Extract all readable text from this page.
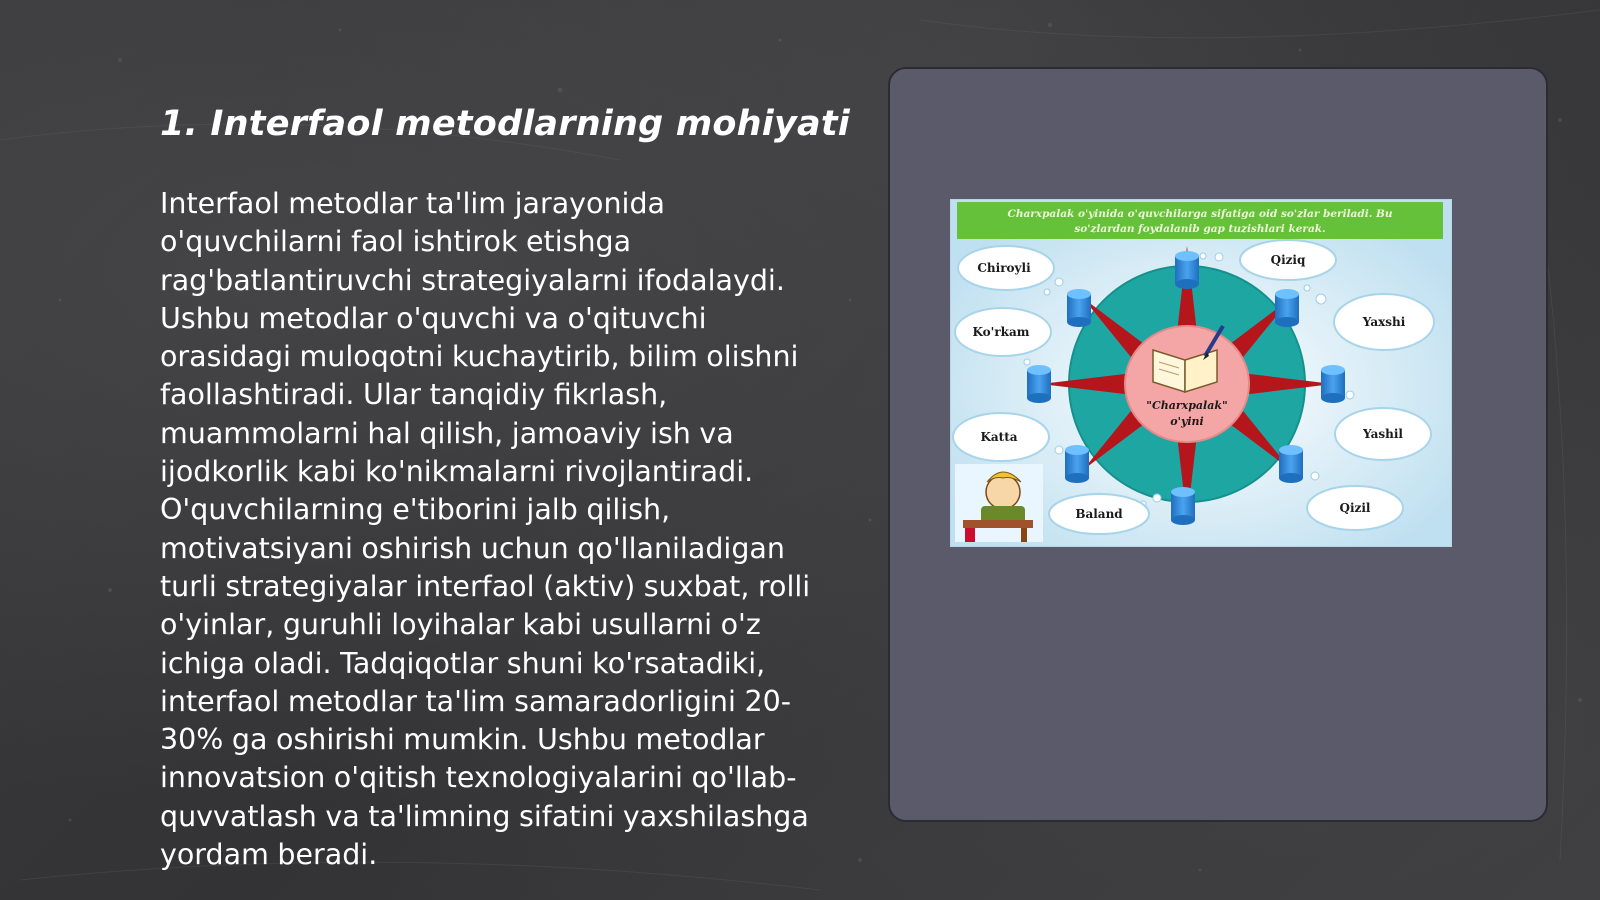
1. Interfaol metodlarning mohiyati

Interfaol metodlar ta'lim jarayonida o'quvchilarni faol ishtirok etishga rag'batlantiruvchi strategiyalarni ifodalaydi. Ushbu metodlar o'quvchi va o'qituvchi orasidagi muloqotni kuchaytirib, bilim olishni faollashtiradi. Ular tanqidiy fikrlash, muammolarni hal qilish, jamoaviy ish va ijodkorlik kabi ko'nikmalarni rivojlantiradi. O'quvchilarning e'tiborini jalb qilish, motivatsiyani oshirish uchun qo'llaniladigan turli strategiyalar interfaol (aktiv) suxbat, rolli o'yinlar, guruhli loyihalar kabi usullarni o'z ichiga oladi. Tadqiqotlar shuni ko'rsatadiki, interfaol metodlar ta'lim samaradorligini 20-30% ga oshirishi mumkin. Ushbu metodlar innovatsion o'qitish texnologiyalarini qo'llab-quvvatlash va ta'limning sifatini yaxshilashga yordam beradi.

Charxpalak o'yinida o'quvchilarga sifatiga oid so'zlar beriladi. Bu
so'zlardan foydalanib gap tuzishlari kerak.
"Charxpalak"
o'yini
Chiroyli
Qiziq
Ko'rkam
Yaxshi
Katta	Yashil
Baland	Qizil
